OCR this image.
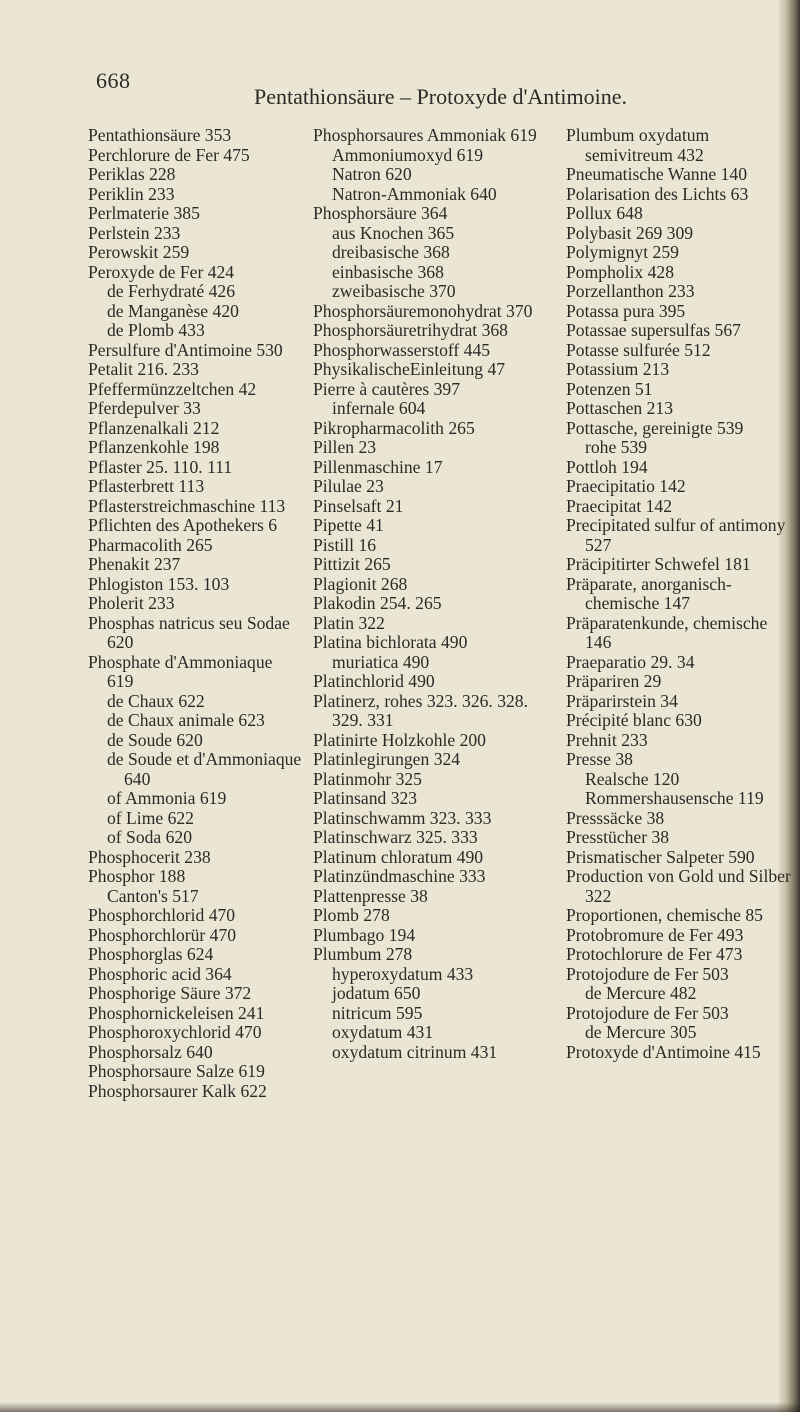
668
Pentathionsäure – Protoxyde d'Antimoine.
Pentathionsäure 353
Perchlorure de Fer 475
Periklas 228
Periklin 233
Perlmaterie 385
Perlstein 233
Perowskit 259
Peroxyde de Fer 424
de Ferhydraté 426
de Manganèse 420
de Plomb 433
Persulfure d'Antimoine 530
Petalit 216. 233
Pfeffermünzzeltchen 42
Pferdepulver 33
Pflanzenalkali 212
Pflanzenkohle 198
Pflaster 25. 110. 111
Pflasterbrett 113
Pflasterstreichmaschine 113
Pflichten des Apothekers 6
Pharmacolith 265
Phenakit 237
Phlogiston 153. 103
Pholerit 233
Phosphas natricus seu Sodae 620
Phosphate d'Ammoniaque 619
de Chaux 622
de Chaux animale 623
de Soude 620
de Soude et d'Ammoniaque 640
of Ammonia 619
of Lime 622
of Soda 620
Phosphocerit 238
Phosphor 188
Canton's 517
Phosphorchlorid 470
Phosphorchlorür 470
Phosphorglas 624
Phosphoric acid 364
Phosphorige Säure 372
Phosphornickeleisen 241
Phosphoroxychlorid 470
Phosphorsalz 640
Phosphorsaure Salze 619
Phosphorsaurer Kalk 622
Phosphorsaures Ammoniak 619
Ammoniumoxyd 619
Natron 620
Natron-Ammoniak 640
Phosphorsäure 364
aus Knochen 365
dreibasische 368
einbasische 368
zweibasische 370
Phosphorsäuremonohydrat 370
Phosphorsäuretrihydrat 368
Phosphorwasserstoff 445
PhysikalischeEinleitung 47
Pierre à cautères 397
infernale 604
Pikropharmacolith 265
Pillen 23
Pillenmaschine 17
Pilulae 23
Pinselsaft 21
Pipette 41
Pistill 16
Pittizit 265
Plagionit 268
Plakodin 254. 265
Platin 322
Platina bichlorata 490
muriatica 490
Platinchlorid 490
Platinerz, rohes 323. 326. 328. 329. 331
Platinirte Holzkohle 200
Platinlegirungen 324
Platinmohr 325
Platinsand 323
Platinschwamm 323. 333
Platinschwarz 325. 333
Platinum chloratum 490
Platinzündmaschine 333
Plattenpresse 38
Plomb 278
Plumbago 194
Plumbum 278
hyperoxydatum 433
jodatum 650
nitricum 595
oxydatum 431
oxydatum citrinum 431
Plumbum oxydatum semivitreum 432
Pneumatische Wanne 140
Polarisation des Lichts 63
Pollux 648
Polybasit 269 309
Polymignyt 259
Pompholix 428
Porzellanthon 233
Potassa pura 395
Potassae supersulfas 567
Potasse sulfurée 512
Potassium 213
Potenzen 51
Pottaschen 213
Pottasche, gereinigte 539
rohe 539
Pottloh 194
Praecipitatio 142
Praecipitat 142
Precipitated sulfur of antimony 527
Präcipitirter Schwefel 181
Präparate, anorganisch-chemische 147
Präparatenkunde, chemische 146
Praeparatio 29. 34
Präpariren 29
Präparirstein 34
Précipité blanc 630
Prehnit 233
Presse 38
Realsche 120
Rommershausensche 119
Presssäcke 38
Presstücher 38
Prismatischer Salpeter 590
Production von Gold und Silber 322
Proportionen, chemische 85
Protobromure de Fer 493
Protochlorure de Fer 473
Protojodure de Fer 503
de Mercure 482
Protojodure de Fer 503
de Mercure 305
Protoxyde d'Antimoine 415
